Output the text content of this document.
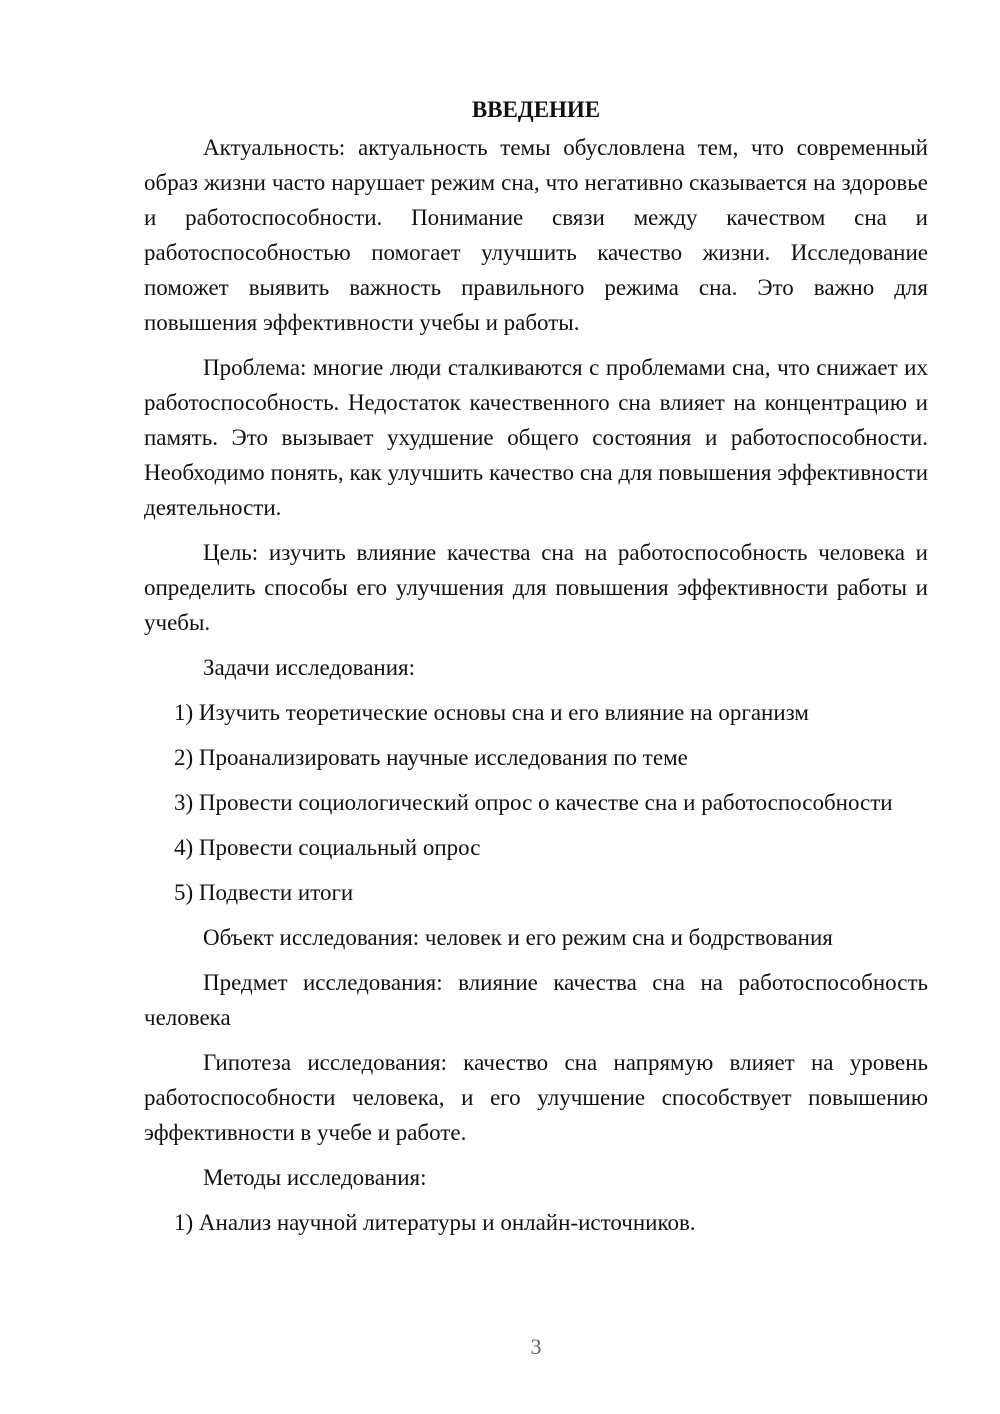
ВВЕДЕНИЕ

Актуальность: актуальность темы обусловлена тем, что современный образ жизни часто нарушает режим сна, что негативно сказывается на здоровье и работоспособности. Понимание связи между качеством сна и работоспособностью помогает улучшить качество жизни. Исследование поможет выявить важность правильного режима сна. Это важно для повышения эффективности учебы и работы.

Проблема: многие люди сталкиваются с проблемами сна, что снижает их работоспособность. Недостаток качественного сна влияет на концентрацию и память. Это вызывает ухудшение общего состояния и работоспособности. Необходимо понять, как улучшить качество сна для повышения эффективности деятельности.

Цель: изучить влияние качества сна на работоспособность человека и определить способы его улучшения для повышения эффективности работы и учебы.

Задачи исследования:

1) Изучить теоретические основы сна и его влияние на организм

2) Проанализировать научные исследования по теме

3) Провести социологический опрос о качестве сна и работоспособности

4) Провести социальный опрос

5) Подвести итоги

Объект исследования: человек и его режим сна и бодрствования

Предмет исследования: влияние качества сна на работоспособность человека

Гипотеза исследования: качество сна напрямую влияет на уровень работоспособности человека, и его улучшение способствует повышению эффективности в учебе и работе.

Методы исследования:

1) Анализ научной литературы и онлайн-источников.

3
